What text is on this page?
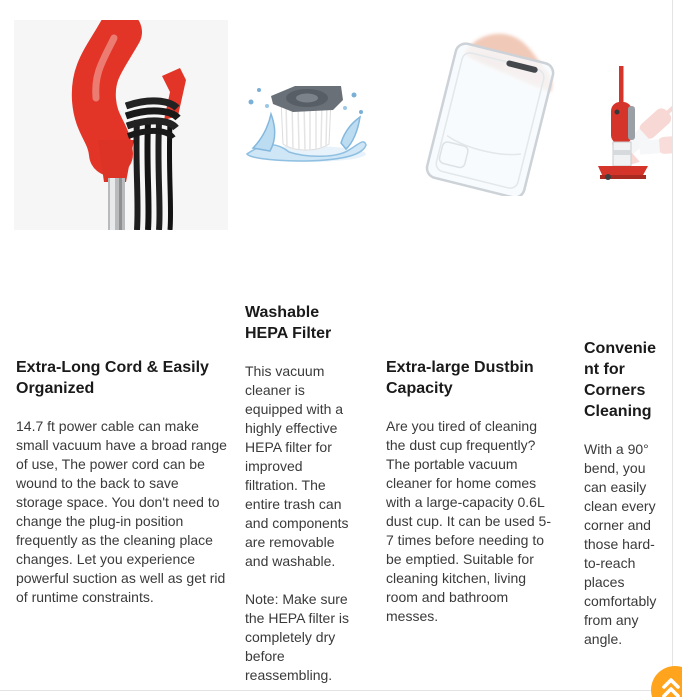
Extra-Long Cord & Easily Organized

14.7 ft power cable can make small vacuum have a broad range of use, The power cord can be wound to the back to save storage space. You don't need to change the plug-in position frequently as the cleaning place changes. Let you experience powerful suction as well as get rid of runtime constraints.

Washable HEPA Filter

This vacuum cleaner is equipped with a highly effective HEPA filter for improved filtration. The entire trash can and components are removable and washable.

Note: Make sure the HEPA filter is completely dry before reassembling.

Extra-large Dustbin Capacity

Are you tired of cleaning the dust cup frequently? The portable vacuum cleaner for home comes with a large-capacity 0.6L dust cup. It can be used 5-7 times before needing to be emptied. Suitable for cleaning kitchen, living room and bathroom messes.

Convenient for Corners Cleaning

With a 90° bend, you can easily clean every corner and those hard-to-reach places comfortably from any angle.
